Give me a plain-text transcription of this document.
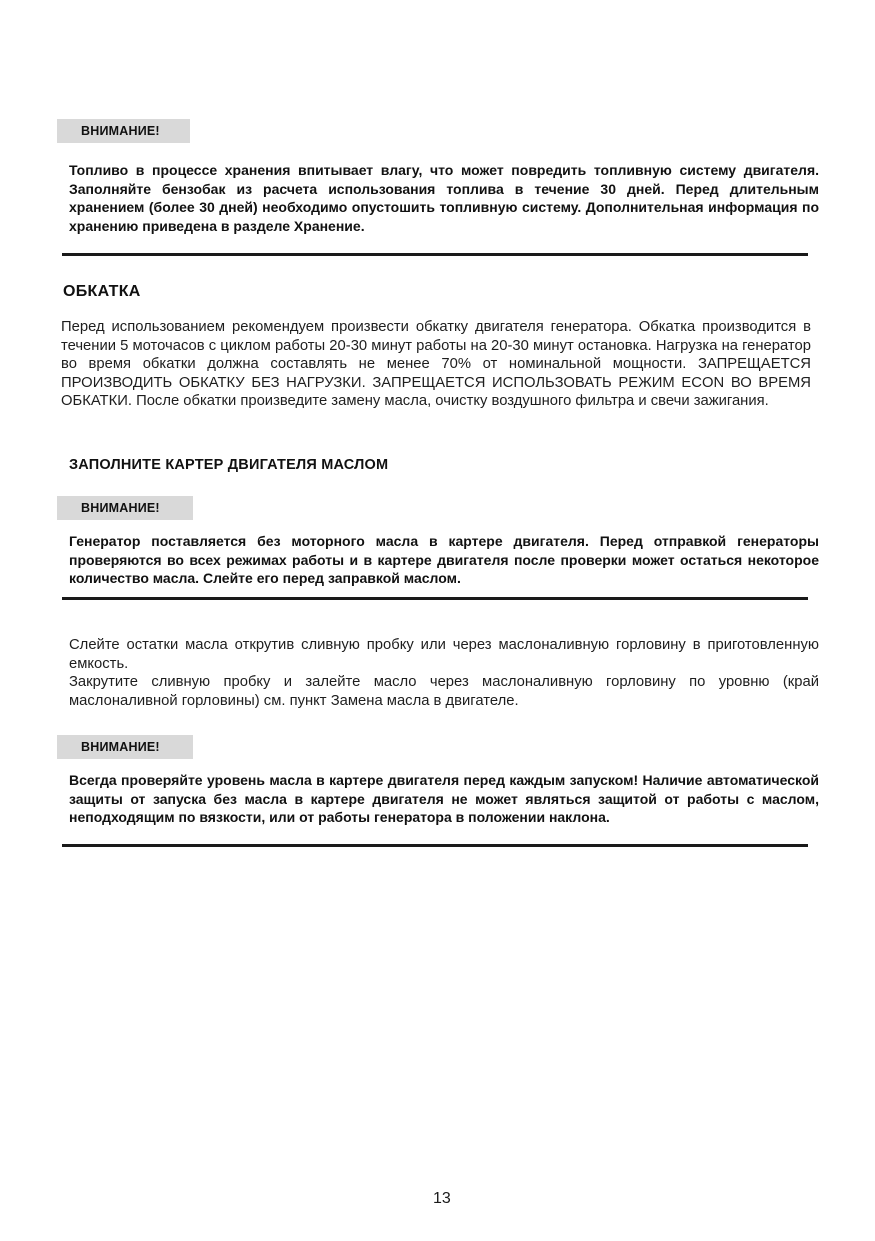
ВНИМАНИЕ!
Топливо в процессе хранения впитывает влагу, что может повредить топливную систему двигателя. Заполняйте бензобак из расчета использования топлива в течение 30 дней. Перед длительным хранением (более 30 дней) необходимо опустошить топливную систему. Дополнительная информация по хранению приведена в разделе Хранение.
ОБКАТКА
Перед использованием рекомендуем произвести обкатку двигателя генератора. Обкатка производится в течении 5 моточасов с циклом работы 20-30 минут работы на 20-30 минут остановка. Нагрузка на генератор во время обкатки должна составлять не менее 70% от номинальной мощности. ЗАПРЕЩАЕТСЯ ПРОИЗВОДИТЬ ОБКАТКУ БЕЗ НАГРУЗКИ. ЗАПРЕЩАЕТСЯ ИСПОЛЬЗОВАТЬ РЕЖИМ ECON ВО ВРЕМЯ ОБКАТКИ. После обкатки произведите замену масла, очистку воздушного фильтра и свечи зажигания.
ЗАПОЛНИТЕ КАРТЕР ДВИГАТЕЛЯ МАСЛОМ
ВНИМАНИЕ!
Генератор поставляется без моторного масла в картере двигателя. Перед отправкой генераторы проверяются во всех режимах работы и в картере двигателя после проверки может остаться некоторое количество масла. Слейте его перед заправкой маслом.

Слейте остатки масла открутив сливную пробку или через маслоналивную горловину в приготовленную емкость.

Закрутите сливную пробку и залейте масло через маслоналивную горловину по уровню (край маслоналивной горловины) см. пункт Замена масла в двигателе.

ВНИМАНИЕ!
Всегда проверяйте уровень масла в картере двигателя перед каждым запуском! Наличие автоматической защиты от запуска без масла в картере двигателя не может являться защитой от работы с маслом, неподходящим по вязкости, или от работы генератора в положении наклона.
13
